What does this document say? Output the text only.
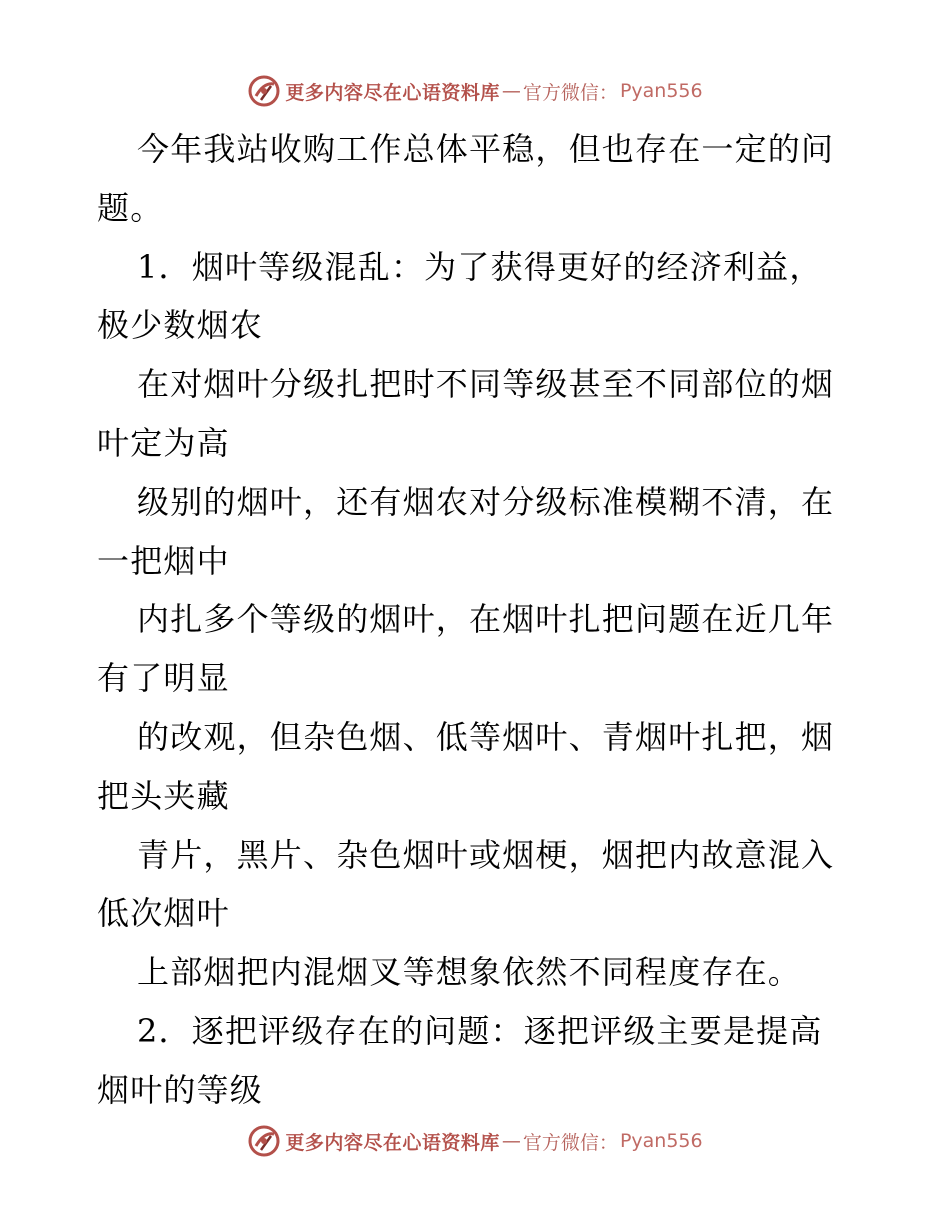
更多内容尽在心语资料库 — 官方微信： Pyan556
今年我站收购工作总体平稳，但也存在一定的问
题。
1．烟叶等级混乱：为了获得更好的经济利益，
极少数烟农
在对烟叶分级扎把时不同等级甚至不同部位的烟
叶定为高
级别的烟叶，还有烟农对分级标准模糊不清，在
一把烟中
内扎多个等级的烟叶，在烟叶扎把问题在近几年
有了明显
的改观，但杂色烟、低等烟叶、青烟叶扎把，烟
把头夹藏
青片，黑片、杂色烟叶或烟梗，烟把内故意混入
低次烟叶
上部烟把内混烟叉等想象依然不同程度存在。
2．逐把评级存在的问题：逐把评级主要是提高
烟叶的等级
更多内容尽在心语资料库 — 官方微信： Pyan556
